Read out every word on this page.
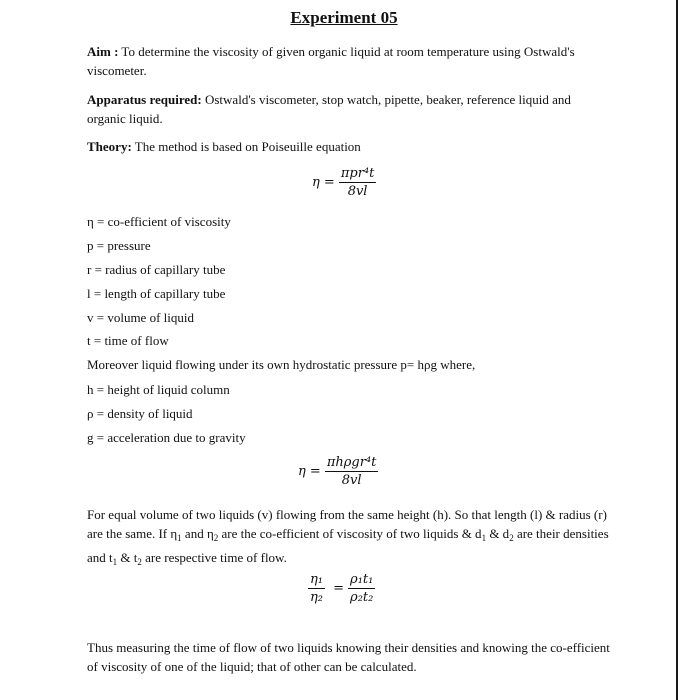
Experiment 05
Aim : To determine the viscosity of given organic liquid at room temperature using Ostwald's viscometer.
Apparatus required: Ostwald's viscometer, stop watch, pipette, beaker, reference liquid and organic liquid.
Theory: The method is based on Poiseuille equation
$\eta = \frac{\text{πpr⁴t}}{8vl}$
η = co-efficient of viscosity
p = pressure
r = radius of capillary tube
l = length of capillary tube
v = volume of liquid
t = time of flow
Moreover liquid flowing under its own hydrostatic pressure p= hρg where,
h = height of liquid column
ρ = density of liquid
g = acceleration due to gravity
$\eta = \frac{\text{πhρgr⁴t}}{8vl}$
For equal volume of two liquids (v) flowing from the same height (h). So that length (l) & radius (r) are the same. If $\eta_1$ and $\eta_2$ are the co-efficient of viscosity of two liquids & $d_1$ & $d_2$ are their densities and $t_1$ & $t_2$ are respective time of flow.
$\frac{\text{η₁}}{\text{η₂}} = \frac{\text{ρ₁t₁}}{\text{ρ₂t₂}}$
Thus measuring the time of flow of two liquids knowing their densities and knowing the co-efficient of viscosity of one of the liquid; that of other can be calculated.
